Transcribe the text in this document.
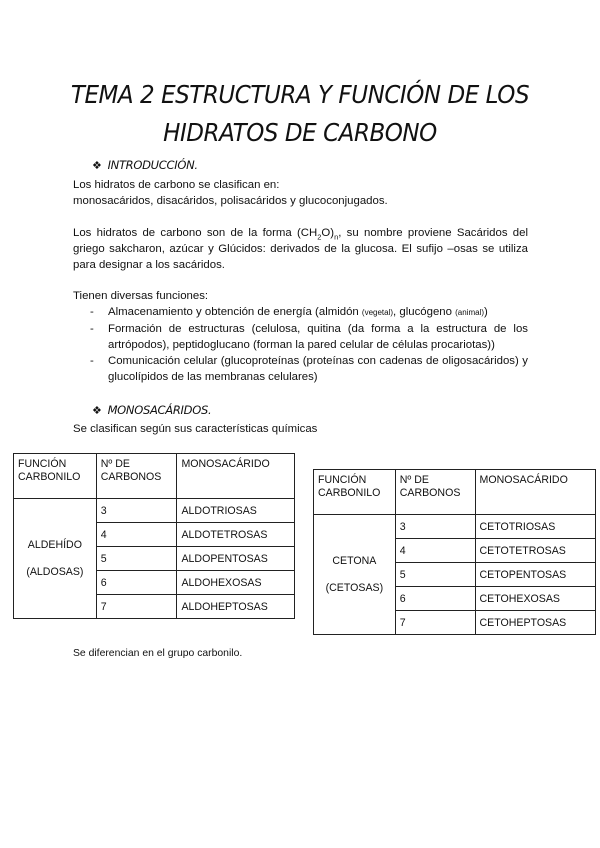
TEMA 2 ESTRUCTURA Y FUNCIÓN DE LOS
HIDRATOS DE CARBONO
❖ INTRODUCCIÓN.

Los hidratos de carbono se clasifican en:
monosacáridos, disacáridos, polisacáridos y glucoconjugados.

Los hidratos de carbono son de la forma $(CH_2O)_n$, su nombre proviene Sacáridos del griego sakcharon, azúcar y Glúcidos: derivados de la glucosa. El sufijo –osas se utiliza para designar a los sacáridos.

Tienen diversas funciones:

- Almacenamiento y obtención de energía (almidón (vegetal), glucógeno (animal))
- Formación de estructuras (celulosa, quitina (da forma a la estructura de los artrópodos), peptidoglucano (forman la pared celular de células procariotas))
- Comunicación celular (glucoproteínas (proteínas con cadenas de oligosacáridos) y glucolípidos de las membranas celulares)
❖ MONOSACÁRIDOS.

Se clasifican según sus características químicas

FUNCIÓN CARBONILO	Nº DE CARBONOS	MONOSACÁRIDO
ALDEHÍDO
(ALDOSAS)	3	ALDOTRIOSAS
	4	ALDOTETROSAS
	5	ALDOPENTOSAS
	6	ALDOHEXOSAS
	7	ALDOHEPTOSAS
FUNCIÓN CARBONILO	Nº DE CARBONOS	MONOSACÁRIDO
CETONA
(CETOSAS)	3	CETOTRIOSAS
	4	CETOTETROSAS
	5	CETOPENTOSAS
	6	CETOHEXOSAS
	7	CETOHEPTOSAS
Se diferencian en el grupo carbonilo.
